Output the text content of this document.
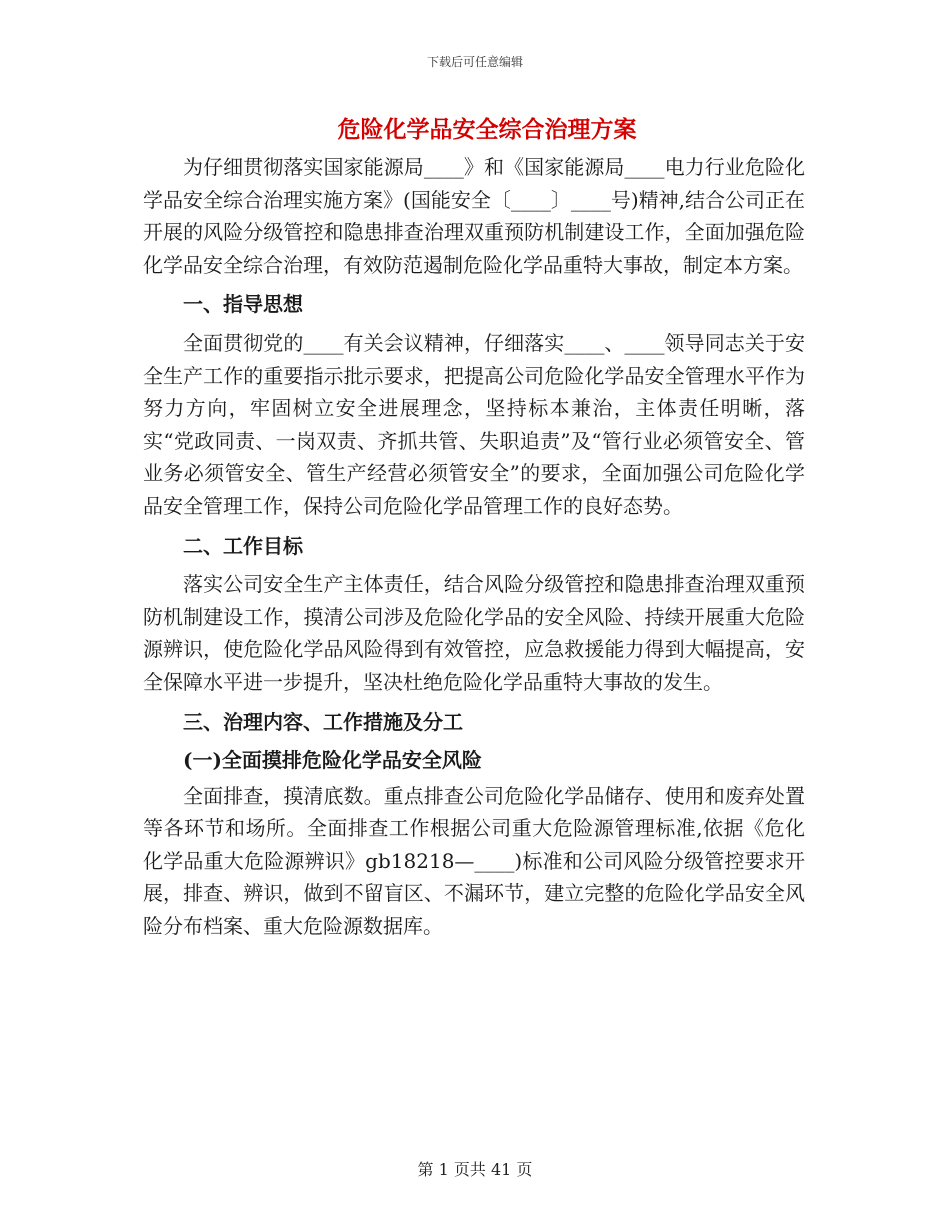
下载后可任意编辑
危险化学品安全综合治理方案

为仔细贯彻落实国家能源局____》和《国家能源局____电力行业危险化学品安全综合治理实施方案》(国能安全〔____〕____号)精神,结合公司正在开展的风险分级管控和隐患排查治理双重预防机制建设工作，全面加强危险化学品安全综合治理，有效防范遏制危险化学品重特大事故，制定本方案。

一、指导思想

全面贯彻党的____有关会议精神，仔细落实____、____领导同志关于安全生产工作的重要指示批示要求，把提高公司危险化学品安全管理水平作为努力方向，牢固树立安全进展理念，坚持标本兼治，主体责任明晰，落实“党政同责、一岗双责、齐抓共管、失职追责”及“管行业必须管安全、管业务必须管安全、管生产经营必须管安全”的要求，全面加强公司危险化学品安全管理工作，保持公司危险化学品管理工作的良好态势。

二、工作目标

落实公司安全生产主体责任，结合风险分级管控和隐患排查治理双重预防机制建设工作，摸清公司涉及危险化学品的安全风险、持续开展重大危险源辨识，使危险化学品风险得到有效管控，应急救援能力得到大幅提高，安全保障水平进一步提升，坚决杜绝危险化学品重特大事故的发生。

三、治理内容、工作措施及分工
(一)全面摸排危险化学品安全风险

全面排查，摸清底数。重点排查公司危险化学品储存、使用和废弃处置等各环节和场所。全面排查工作根据公司重大危险源管理标准,依据《危化化学品重大危险源辨识》gb18218—____)标准和公司风险分级管控要求开展，排查、辨识，做到不留盲区、不漏环节，建立完整的危险化学品安全风险分布档案、重大危险源数据库。

第 1 页共 41 页
